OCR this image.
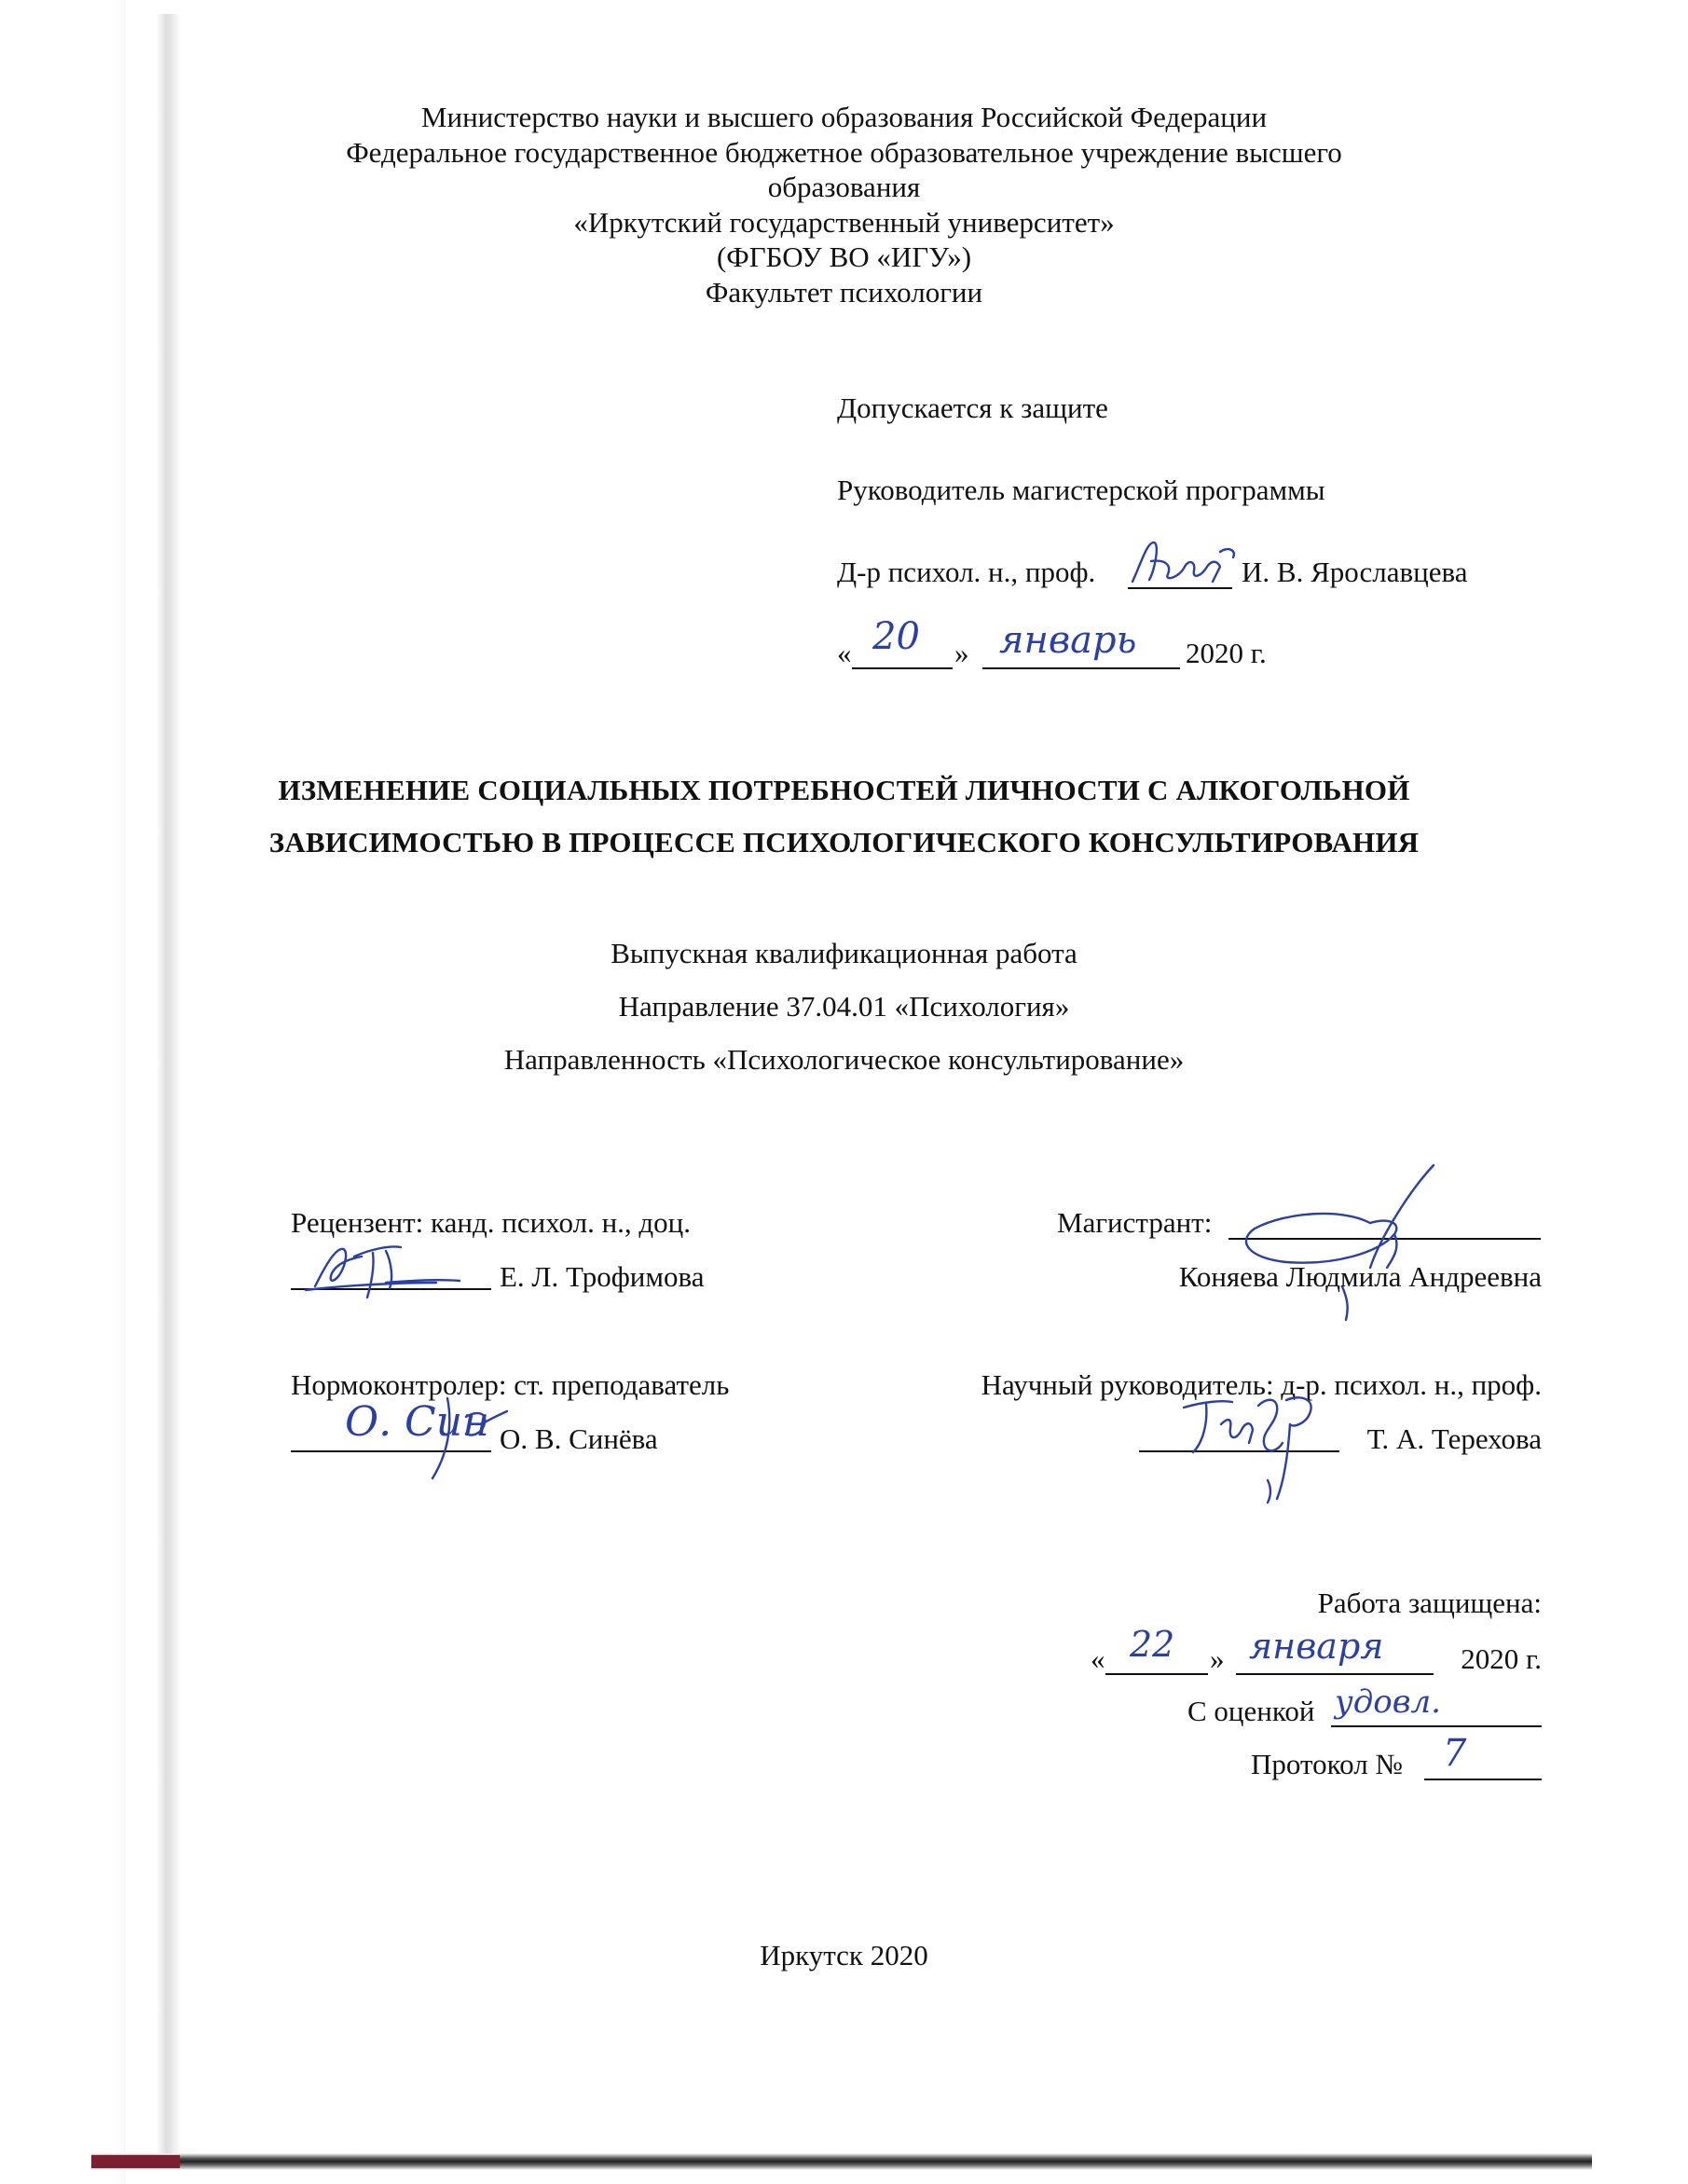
Министерство науки и высшего образования Российской Федерации
Федеральное государственное бюджетное образовательное учреждение высшего
образования
«Иркутский государственный университет»
(ФГБОУ ВО «ИГУ»)
Факультет психологии
Допускается к защите
Руководитель магистерской программы
Д-р психол. н., проф.	И. В. Ярославцева
« 20 » январь 2020 г.
ИЗМЕНЕНИЕ СОЦИАЛЬНЫХ ПОТРЕБНОСТЕЙ ЛИЧНОСТИ С АЛКОГОЛЬНОЙ
ЗАВИСИМОСТЬЮ В ПРОЦЕССЕ ПСИХОЛОГИЧЕСКОГО КОНСУЛЬТИРОВАНИЯ
Выпускная квалификационная работа
Направление 37.04.01 «Психология»
Направленность «Психологическое консультирование»
Рецензент: канд. психол. н., доц.
Е. Л. Трофимова
Нормоконтролер: ст. преподаватель
О. Син О. В. Синёва
Магистрант:
Коняева Людмила Андреевна
Научный руководитель: д-р. психол. н., проф.
Т. А. Терехова
Работа защищена:
« 22 » января	2020 г.
С оценкой удовл.
Протокол № 7
Иркутск 2020
